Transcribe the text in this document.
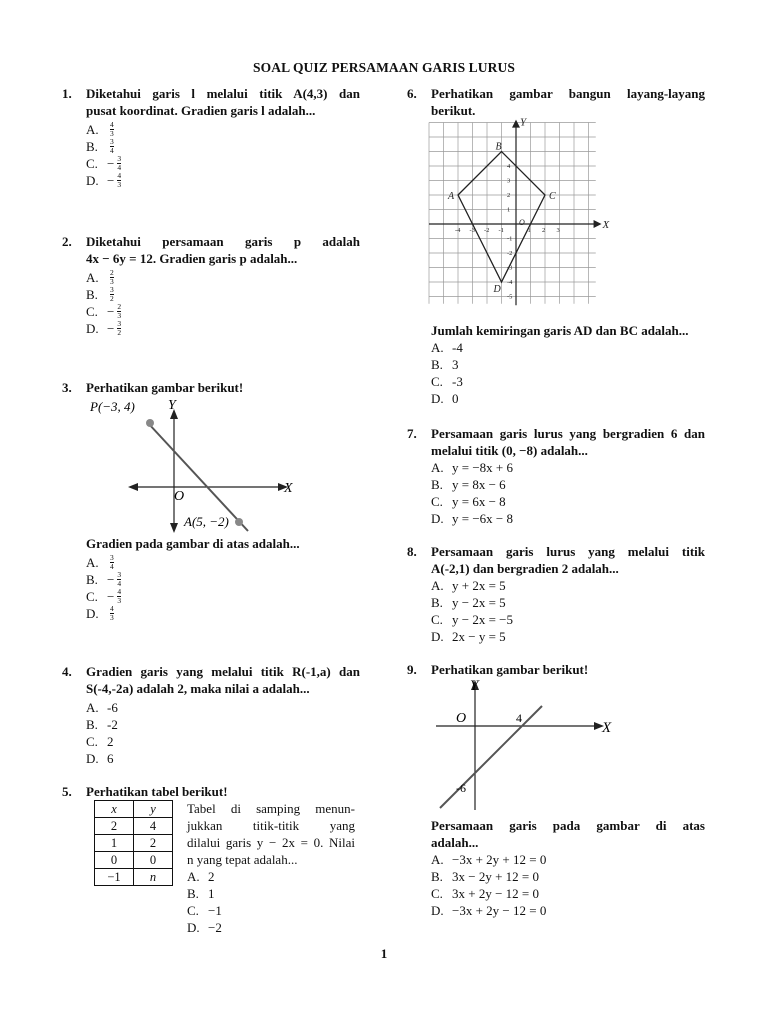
SOAL QUIZ PERSAMAAN GARIS LURUS
1. Diketahui garis l melalui titik A(4,3) dan
pusat koordinat. Gradien garis l adalah...
A.	$\frac{4}{3}$
B.	$\frac{3}{4}$
C. − $\frac{3}{4}$
D. − $\frac{4}{3}$
2. Diketahui persamaan garis p adalah
4x − 6y = 12. Gradien garis p adalah...
A.	$\frac{2}{3}$
B.	$\frac{3}{2}$
C. − $\frac{2}{3}$
D. − $\frac{3}{2}$
3. Perhatikan gambar berikut!
P(−3, 4) Y
O
X
A(5, −2)
Gradien pada gambar di atas adalah...
A.	$\frac{3}{4}$
B. − $\frac{3}{4}$
C. − $\frac{4}{3}$
D.	$\frac{4}{3}$
4. Gradien garis yang melalui titik R(-1,a) dan
S(-4,-2a) adalah 2, maka nilai a adalah...
A. -6
B. -2
C. 2
D. 6
5. Perhatikan tabel berikut!
x	y
2	4
1	2
0	0
−1	n
Tabel di samping menun-
jukkan titik-titik yang
dilalui garis y − 2x = 0. Nilai
n yang tepat adalah...
A. 2
B. 1
C. −1
D. −2
6. Perhatikan gambar bangun layang-layang
berikut.
A
B
C
D
X
Y
O
-4 -3 -2 -1	1 2 3
4
3
2
1
-1
-2
-3
-4
-5
Jumlah kemiringan garis AD dan BC adalah...
A. -4
B. 3
C. -3
D. 0
7. Persamaan garis lurus yang bergradien 6 dan
melalui titik (0, −8) adalah...
A. y = −8x + 6
B. y = 8x − 6
C. y = 6x − 8
D. y = −6x − 8
8. Persamaan garis lurus yang melalui titik
A(-2,1) dan bergradien 2 adalah...
A. y + 2x = 5
B. y − 2x = 5
C. y − 2x = −5
D. 2x − y = 5
9. Perhatikan gambar berikut!
Y
O	4
X
-6
Persamaan garis pada gambar di atas
adalah...
A. −3x + 2y + 12 = 0
B. 3x − 2y + 12 = 0
C. 3x + 2y − 12 = 0
D. −3x + 2y − 12 = 0
1
